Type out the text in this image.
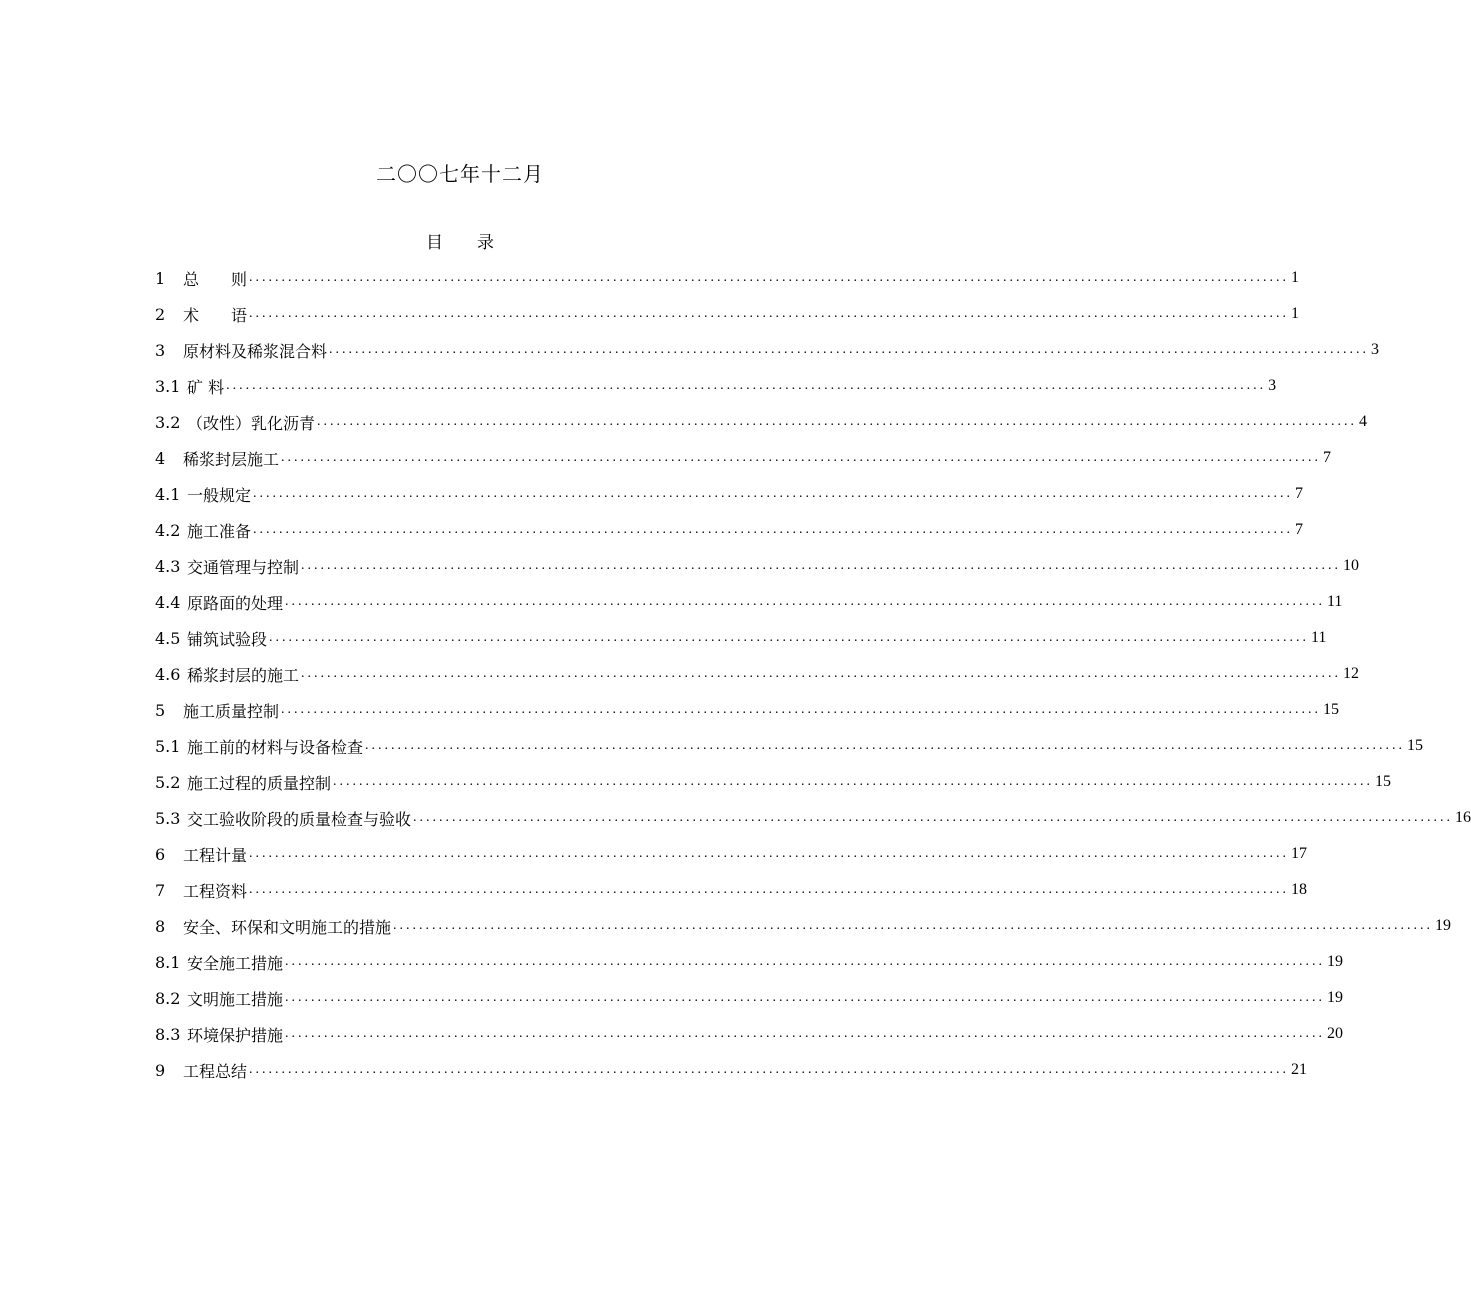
二〇〇七年十二月
目　　录
1	总　　则 ................................................................................................................................................................ 1
2	术　　语 ................................................................................................................................................................ 1
3	原材料及稀浆混合料 ................................................................................................................................................................ 3
3.1 矿 料 ................................................................................................................................................................ 3
3.2 （改性）乳化沥青 ................................................................................................................................................................ 4
4	稀浆封层施工 ................................................................................................................................................................ 7
4.1 一般规定 ................................................................................................................................................................ 7
4.2 施工准备 ................................................................................................................................................................ 7
4.3 交通管理与控制 ................................................................................................................................................................ 10
4.4 原路面的处理 ................................................................................................................................................................ 11
4.5 铺筑试验段 ................................................................................................................................................................ 11
4.6 稀浆封层的施工 ................................................................................................................................................................ 12
5	施工质量控制 ................................................................................................................................................................ 15
5.1 施工前的材料与设备检查 ................................................................................................................................................................ 15
5.2 施工过程的质量控制 ................................................................................................................................................................ 15
5.3 交工验收阶段的质量检查与验收 ................................................................................................................................................................ 16
6	工程计量 ................................................................................................................................................................ 17
7	工程资料 ................................................................................................................................................................ 18
8	安全、环保和文明施工的措施 ................................................................................................................................................................ 19
8.1 安全施工措施 ................................................................................................................................................................ 19
8.2 文明施工措施 ................................................................................................................................................................ 19
8.3 环境保护措施 ................................................................................................................................................................ 20
9	工程总结 ................................................................................................................................................................ 21
